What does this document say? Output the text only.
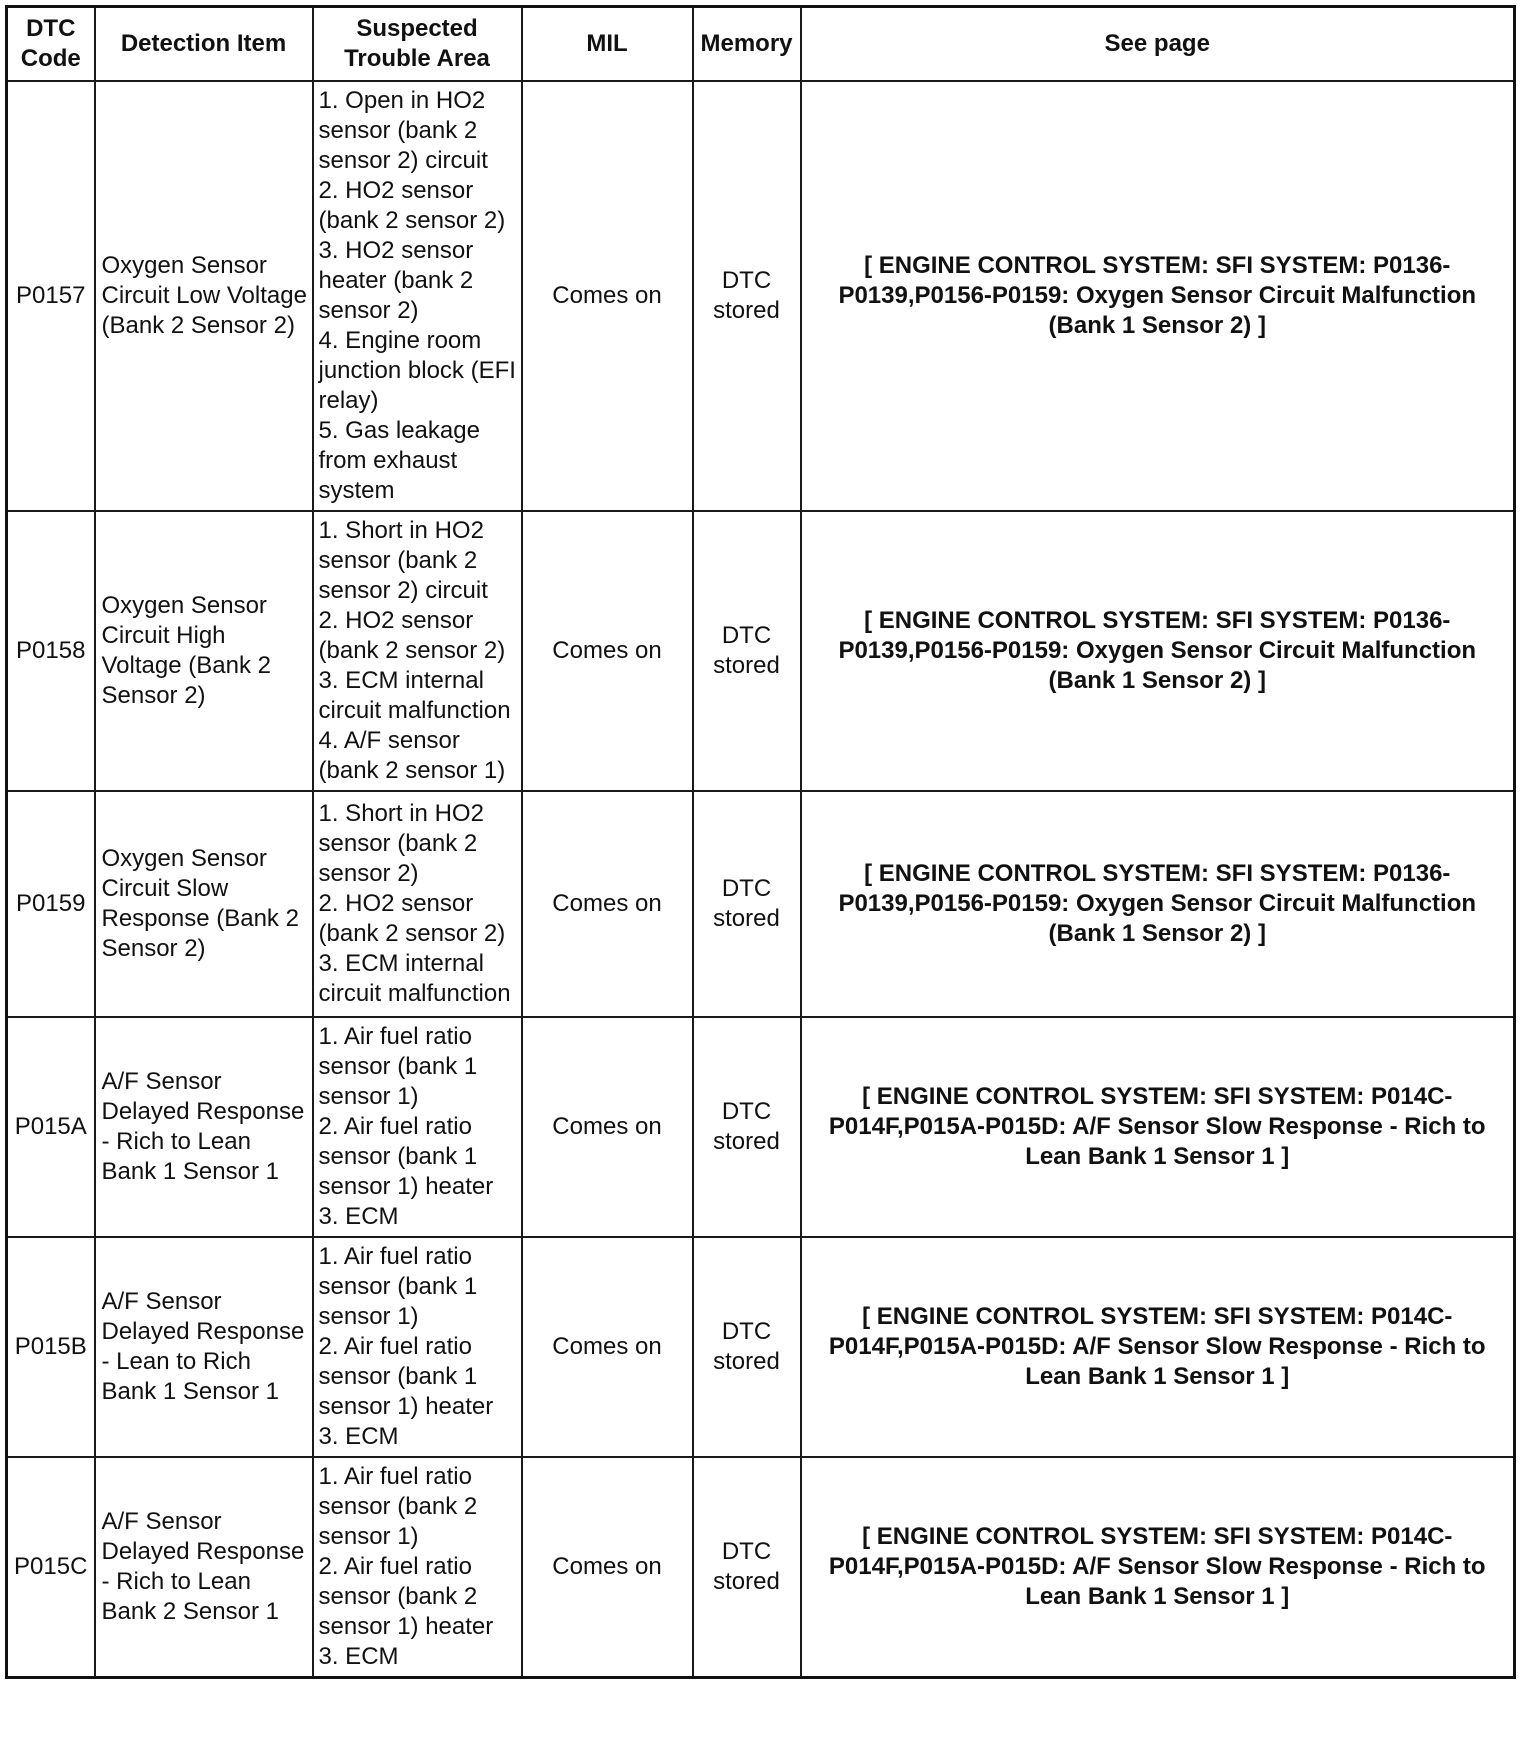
DTC
Code	Detection Item	Suspected
Trouble Area	MIL	Memory	See page
P0157	Oxygen Sensor Circuit Low Voltage (Bank 2 Sensor 2)	1. Open in HO2 sensor (bank 2 sensor 2) circuit
2. HO2 sensor (bank 2 sensor 2)
3. HO2 sensor heater (bank 2 sensor 2)
4. Engine room junction block (EFI relay)
5. Gas leakage from exhaust system	Comes on	DTC stored	[ ENGINE CONTROL SYSTEM: SFI SYSTEM: P0136-P0139,P0156-P0159: Oxygen Sensor Circuit Malfunction (Bank 1 Sensor 2) ]
P0158	Oxygen Sensor Circuit High Voltage (Bank 2 Sensor 2)	1. Short in HO2 sensor (bank 2 sensor 2) circuit
2. HO2 sensor (bank 2 sensor 2)
3. ECM internal circuit malfunction
4. A/F sensor (bank 2 sensor 1)	Comes on	DTC stored	[ ENGINE CONTROL SYSTEM: SFI SYSTEM: P0136-P0139,P0156-P0159: Oxygen Sensor Circuit Malfunction (Bank 1 Sensor 2) ]
P0159	Oxygen Sensor Circuit Slow Response (Bank 2 Sensor 2)	1. Short in HO2 sensor (bank 2 sensor 2)
2. HO2 sensor (bank 2 sensor 2)
3. ECM internal circuit malfunction	Comes on	DTC stored	[ ENGINE CONTROL SYSTEM: SFI SYSTEM: P0136-P0139,P0156-P0159: Oxygen Sensor Circuit Malfunction (Bank 1 Sensor 2) ]
P015A	A/F Sensor Delayed Response - Rich to Lean Bank 1 Sensor 1	1. Air fuel ratio sensor (bank 1 sensor 1)
2. Air fuel ratio sensor (bank 1 sensor 1) heater
3. ECM	Comes on	DTC stored	[ ENGINE CONTROL SYSTEM: SFI SYSTEM: P014C-P014F,P015A-P015D: A/F Sensor Slow Response - Rich to Lean Bank 1 Sensor 1 ]
P015B	A/F Sensor Delayed Response - Lean to Rich Bank 1 Sensor 1	1. Air fuel ratio sensor (bank 1 sensor 1)
2. Air fuel ratio sensor (bank 1 sensor 1) heater
3. ECM	Comes on	DTC stored	[ ENGINE CONTROL SYSTEM: SFI SYSTEM: P014C-P014F,P015A-P015D: A/F Sensor Slow Response - Rich to Lean Bank 1 Sensor 1 ]
P015C	A/F Sensor Delayed Response - Rich to Lean Bank 2 Sensor 1	1. Air fuel ratio sensor (bank 2 sensor 1)
2. Air fuel ratio sensor (bank 2 sensor 1) heater
3. ECM	Comes on	DTC stored	[ ENGINE CONTROL SYSTEM: SFI SYSTEM: P014C-P014F,P015A-P015D: A/F Sensor Slow Response - Rich to Lean Bank 1 Sensor 1 ]
